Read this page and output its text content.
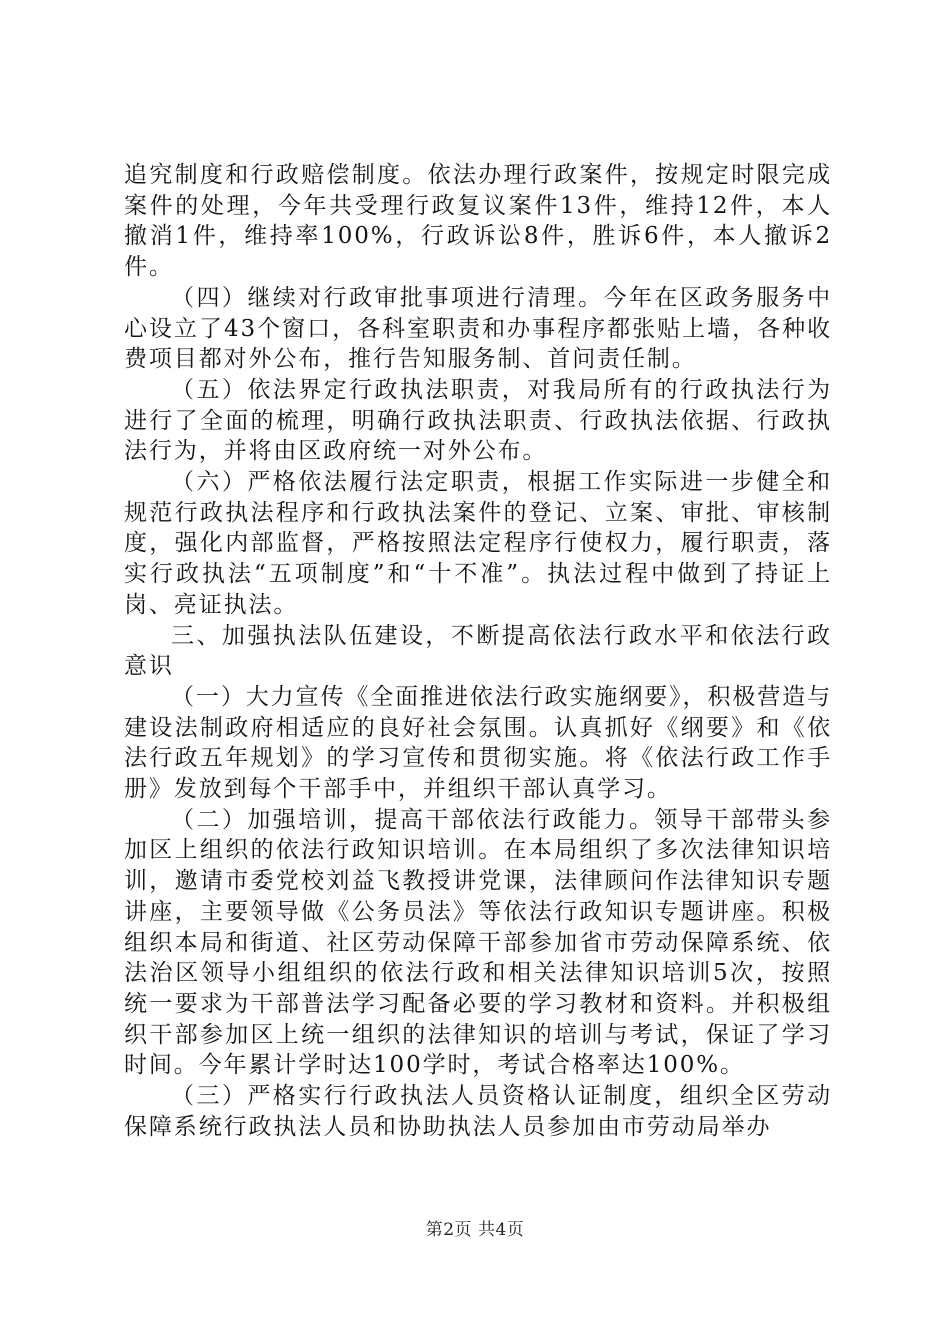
追究制度和行政赔偿制度。依法办理行政案件，按规定时限完成案件的处理，今年共受理行政复议案件13件，维持12件，本人撤消1件，维持率100%，行政诉讼8件，胜诉6件，本人撤诉2件。

（四）继续对行政审批事项进行清理。今年在区政务服务中心设立了43个窗口，各科室职责和办事程序都张贴上墙，各种收费项目都对外公布，推行告知服务制、首问责任制。

（五）依法界定行政执法职责，对我局所有的行政执法行为进行了全面的梳理，明确行政执法职责、行政执法依据、行政执法行为，并将由区政府统一对外公布。

（六）严格依法履行法定职责，根据工作实际进一步健全和规范行政执法程序和行政执法案件的登记、立案、审批、审核制度，强化内部监督，严格按照法定程序行使权力，履行职责，落实行政执法“五项制度”和“十不准”。执法过程中做到了持证上岗、亮证执法。

三、加强执法队伍建设，不断提高依法行政水平和依法行政意识

（一）大力宣传《全面推进依法行政实施纲要》，积极营造与建设法制政府相适应的良好社会氛围。认真抓好《纲要》和《依法行政五年规划》的学习宣传和贯彻实施。将《依法行政工作手册》发放到每个干部手中，并组织干部认真学习。

（二）加强培训，提高干部依法行政能力。领导干部带头参加区上组织的依法行政知识培训。在本局组织了多次法律知识培训，邀请市委党校刘益飞教授讲党课，法律顾问作法律知识专题讲座，主要领导做《公务员法》等依法行政知识专题讲座。积极组织本局和街道、社区劳动保障干部参加省市劳动保障系统、依法治区领导小组组织的依法行政和相关法律知识培训5次，按照统一要求为干部普法学习配备必要的学习教材和资料。并积极组织干部参加区上统一组织的法律知识的培训与考试，保证了学习时间。今年累计学时达100学时，考试合格率达100%。

（三）严格实行行政执法人员资格认证制度，组织全区劳动保障系统行政执法人员和协助执法人员参加由市劳动局举办

第2页 共4页
